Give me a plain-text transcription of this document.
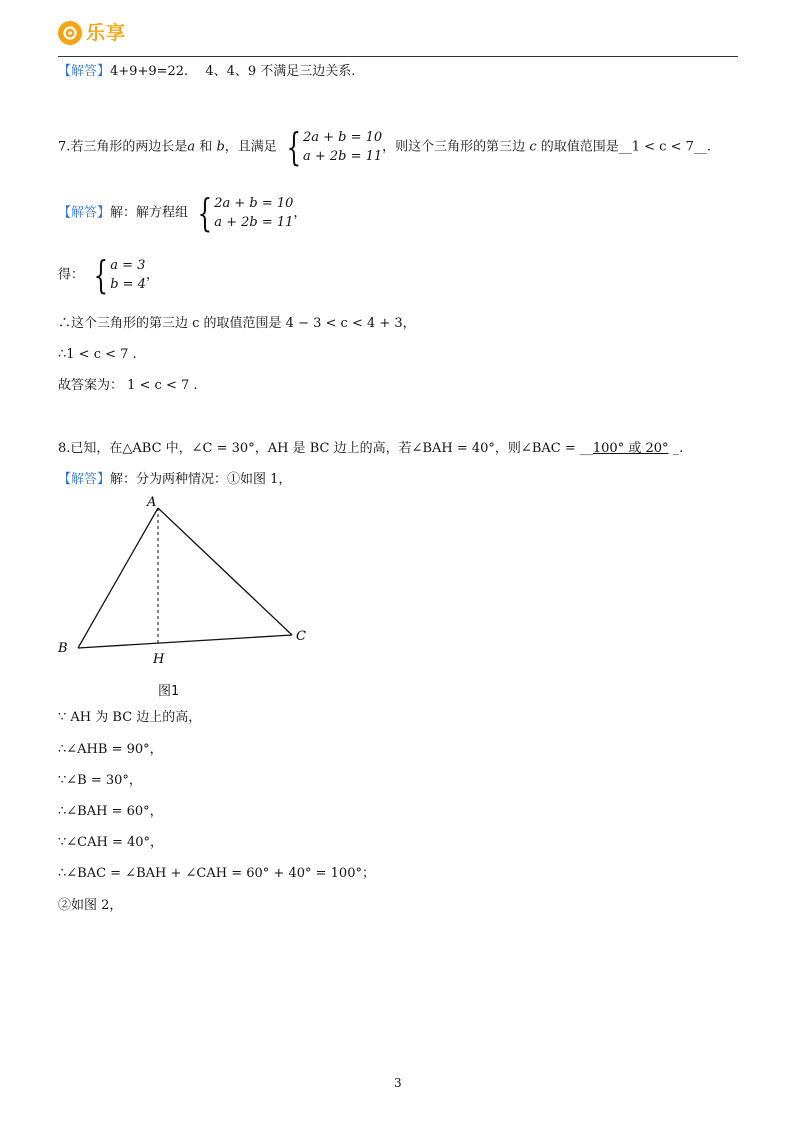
乐享
【解答】4+9+9=22.　 4、4、9 不满足三边关系.
7.若三角形的两边长是a 和 b，且满足 { 2a + b = 10
a + 2b = 11
，则这个三角形的第三边 c 的取值范围是__1 < c < 7__.
【解答】解：解方程组 { 2a + b = 10
a + 2b = 11
，
得： { a = 3
b = 4
，
∴这个三角形的第三边 c 的取值范围是 4 − 3 < c < 4 + 3，
∴1 < c < 7 .
故答案为： 1 < c < 7 .
8.已知，在△ABC 中，∠C = 30°，AH 是 BC 边上的高，若∠BAH = 40°，则∠BAC = __100° 或 20° _.
【解答】解：分为两种情况：①如图 1，
A
B
C
H
图1
∵ AH 为 BC 边上的高，
∴∠AHB = 90°，
∵∠B = 30°，
∴∠BAH = 60°，
∵∠CAH = 40°，
∴∠BAC = ∠BAH + ∠CAH = 60° + 40° = 100°；
②如图 2，
3
